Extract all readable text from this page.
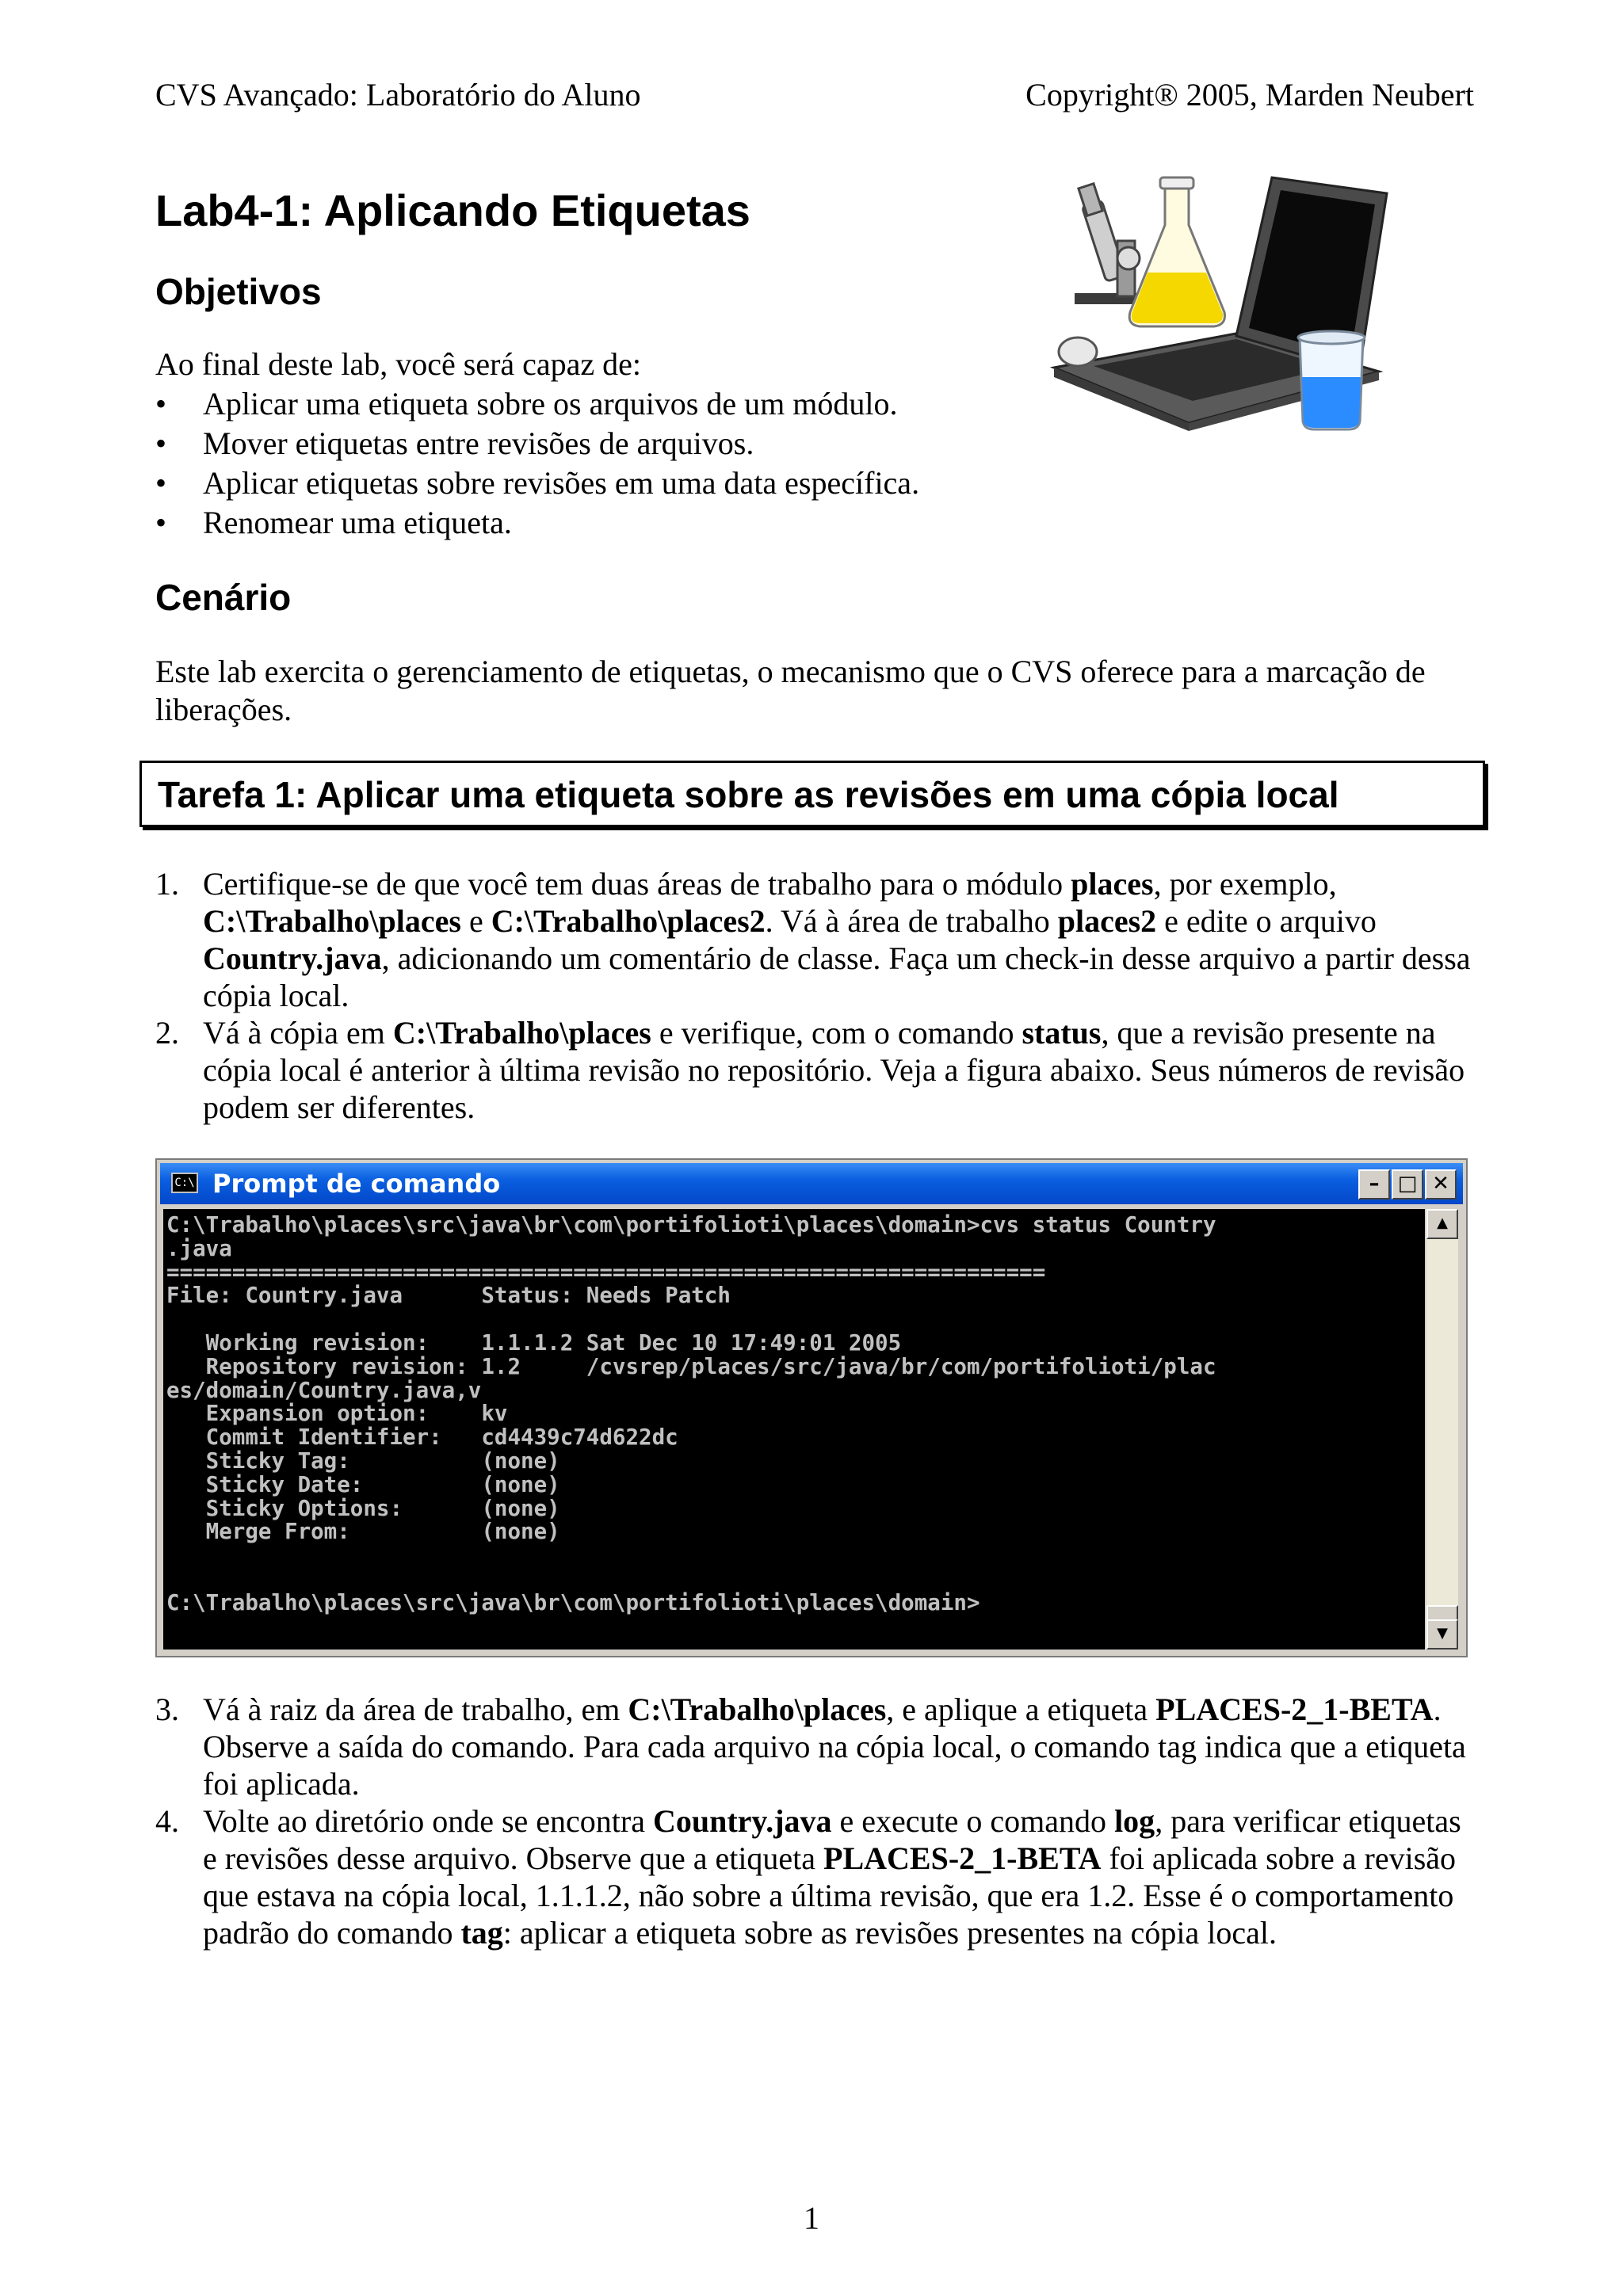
CVS Avançado: Laboratório do Aluno	Copyright® 2005, Marden Neubert
Lab4-1: Aplicando Etiquetas
Objetivos
Ao final deste lab, você será capaz de:
• Aplicar uma etiqueta sobre os arquivos de um módulo.
• Mover etiquetas entre revisões de arquivos.
• Aplicar etiquetas sobre revisões em uma data específica.
• Renomear uma etiqueta.
Cenário
Este lab exercita o gerenciamento de etiquetas, o mecanismo que o CVS oferece para a marcação de liberações.
Tarefa 1: Aplicar uma etiqueta sobre as revisões em uma cópia local
1. Certifique-se de que você tem duas áreas de trabalho para o módulo places, por exemplo, C:\Trabalho\places e C:\Trabalho\places2. Vá à área de trabalho places2 e edite o arquivo Country.java, adicionando um comentário de classe. Faça um check-in desse arquivo a partir dessa cópia local.
2. Vá à cópia em C:\Trabalho\places e verifique, com o comando status, que a revisão presente na cópia local é anterior à última revisão no repositório. Veja a figura abaixo. Seus números de revisão podem ser diferentes.
C:\ Prompt de comando	– □ ✕
C:\Trabalho\places\src\java\br\com\portifolioti\places\domain>cvs status Country
.java
===================================================================
File: Country.java      Status: Needs Patch

Working revision:    1.1.1.2 Sat Dec 10 17:49:01 2005
Repository revision: 1.2     /cvsrep/places/src/java/br/com/portifolioti/plac
es/domain/Country.java,v
Expansion option:    kv
Commit Identifier:   cd4439c74d622dc
Sticky Tag:          (none)
Sticky Date:         (none)
Sticky Options:      (none)
Merge From:          (none)

C:\Trabalho\places\src\java\br\com\portifolioti\places\domain>
▲
▼
3. Vá à raiz da área de trabalho, em C:\Trabalho\places, e aplique a etiqueta PLACES-2_1-BETA. Observe a saída do comando. Para cada arquivo na cópia local, o comando tag indica que a etiqueta foi aplicada.
4. Volte ao diretório onde se encontra Country.java e execute o comando log, para verificar etiquetas e revisões desse arquivo. Observe que a etiqueta PLACES-2_1-BETA foi aplicada sobre a revisão que estava na cópia local, 1.1.1.2, não sobre a última revisão, que era 1.2. Esse é o comportamento padrão do comando tag: aplicar a etiqueta sobre as revisões presentes na cópia local.
1
